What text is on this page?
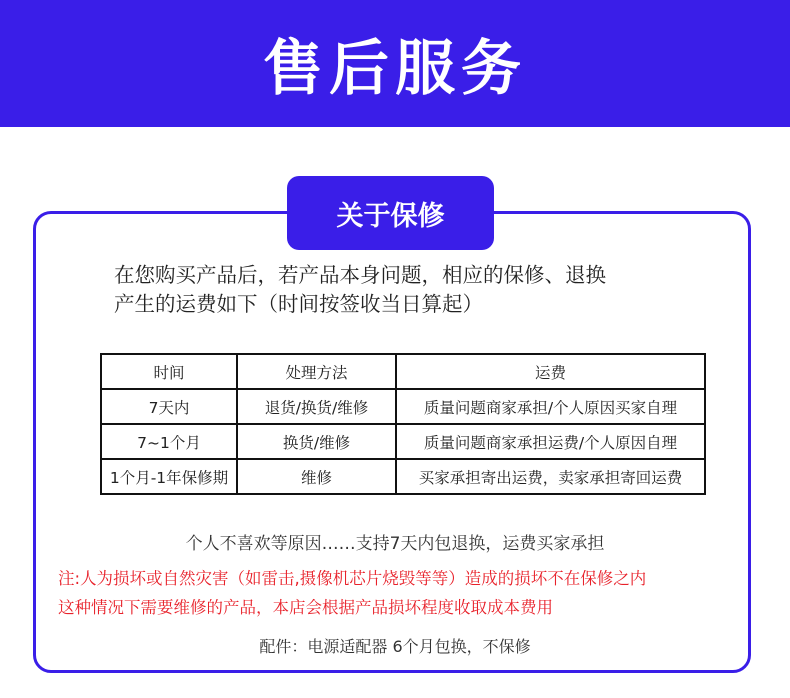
售后服务
关于保修
在您购买产品后，若产品本身问题，相应的保修、退换
产生的运费如下（时间按签收当日算起）
时间	处理方法	运费
7天内	退货/换货/维修	质量问题商家承担/个人原因买家自理
7~1个月	换货/维修	质量问题商家承担运费/个人原因自理
1个月-1年保修期	维修	买家承担寄出运费，卖家承担寄回运费
个人不喜欢等原因……支持7天内包退换，运费买家承担
注:人为损坏或自然灾害（如雷击,摄像机芯片烧毁等等）造成的损坏不在保修之内
这种情况下需要维修的产品，本店会根据产品损坏程度收取成本费用
配件：电源适配器 6个月包换，不保修
